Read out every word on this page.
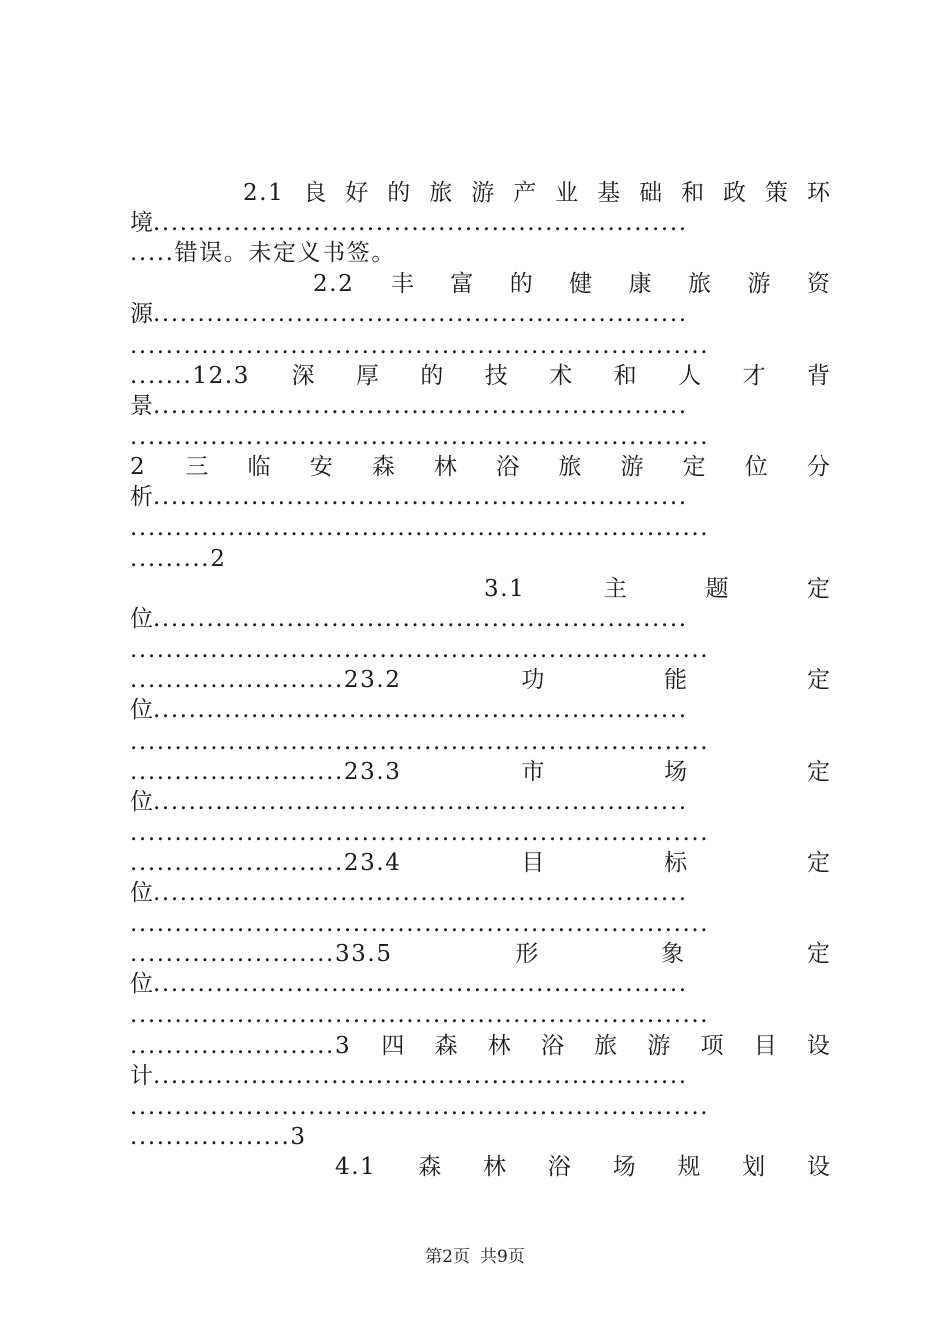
2.1 良 好 的 旅 游 产 业 基 础 和 政 策 环
境............................................................
.....错误。未定义书签。
2.2 丰 富 的 健 康 旅 游 资
源............................................................
.................................................................
.......12.3 深 厚 的 技 术 和 人 才 背
景............................................................
.................................................................
2 三 临 安 森 林 浴 旅 游 定 位 分
析............................................................
.................................................................
.........2
3.1	主	题	定
位............................................................
.................................................................
........................23.2	功	能	定
位............................................................
.................................................................
........................23.3	市	场	定
位............................................................
.................................................................
........................23.4	目	标	定
位............................................................
.................................................................
.......................33.5	形	象	定
位............................................................
.................................................................
.......................3 四 森 林 浴 旅 游 项 目 设
计............................................................
.................................................................
..................3
4.1 森 林 浴 场 规 划 设
第2页 共9页
